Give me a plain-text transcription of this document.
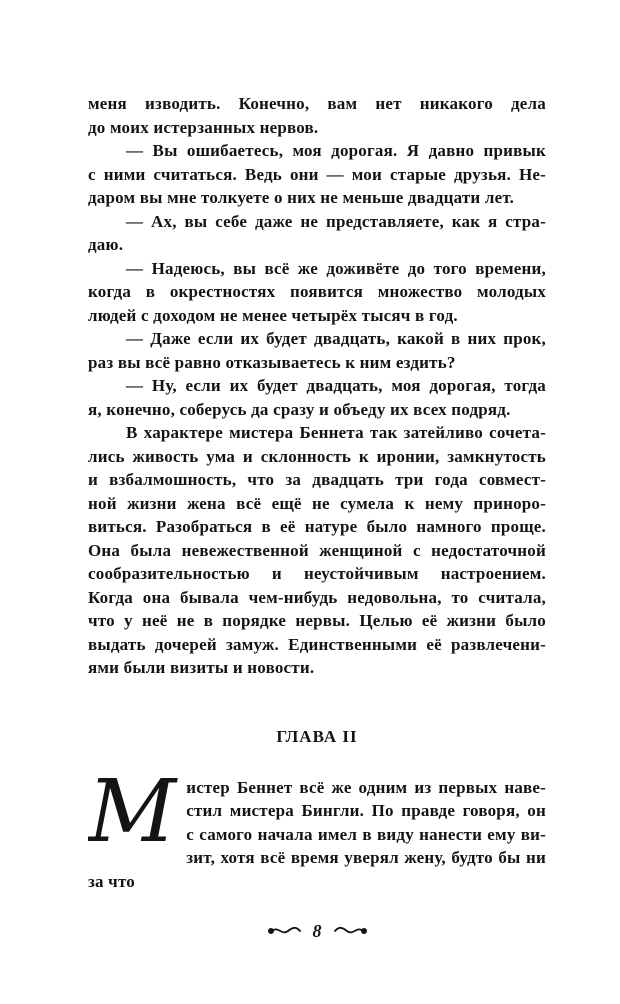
меня изводить. Конечно, вам нет никакого дела
до моих истерзанных нервов.
— Вы ошибаетесь, моя дорогая. Я давно привык
с ними считаться. Ведь они — мои старые друзья. Не-
даром вы мне толкуете о них не меньше двадцати лет.
— Ах, вы себе даже не представляете, как я стра-
даю.
— Надеюсь, вы всё же доживёте до того времени,
когда в окрестностях появится множество молодых
людей с доходом не менее четырёх тысяч в год.
— Даже если их будет двадцать, какой в них прок,
раз вы всё равно отказываетесь к ним ездить?
— Ну, если их будет двадцать, моя дорогая, тогда
я, конечно, соберусь да сразу и объеду их всех подряд.
В характере мистера Беннета так затейливо сочета-
лись живость ума и склонность к иронии, замкнутость
и взбалмошность, что за двадцать три года совмест-
ной жизни жена всё ещё не сумела к нему приноро-
виться. Разобраться в её натуре было намного проще.
Она была невежественной женщиной с недостаточной
сообразительностью и неустойчивым настроением.
Когда она бывала чем-нибудь недовольна, то считала,
что у неё не в порядке нервы. Целью её жизни было
выдать дочерей замуж. Единственными её развлечени-
ями были визиты и новости.
ГЛАВА II
М истер Беннет всё же одним из первых наве-
стил мистера Бингли. По правде говоря, он
с самого начала имел в виду нанести ему ви-
зит, хотя всё время уверял жену, будто бы ни за что
8
